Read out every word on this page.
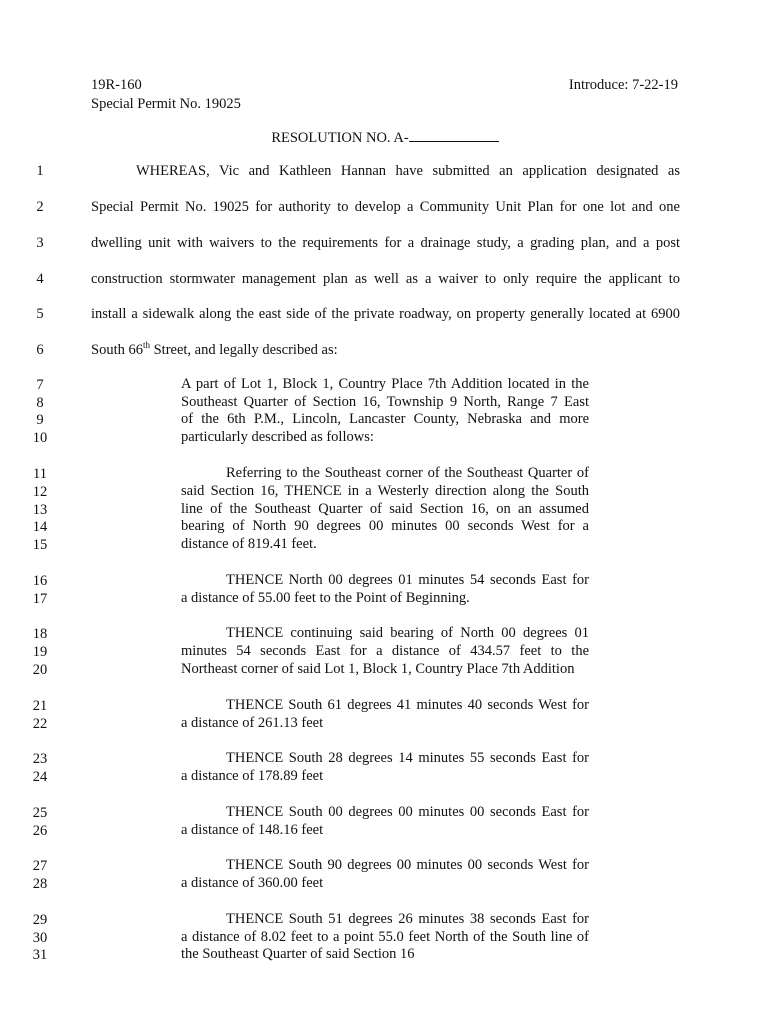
19R-160
Special Permit No. 19025
Introduce: 7-22-19
RESOLUTION NO. A-
1
2
3
4
5
6
7
8
9
10
11
12
13
14
15
16
17
18
19
20
21
22
23
24
25
26
27
28
29
30
31
WHEREAS, Vic and Kathleen Hannan have submitted an application designated as
Special Permit No. 19025 for authority to develop a Community Unit Plan for one lot and one
dwelling unit with waivers to the requirements for a drainage study, a grading plan, and a post
construction stormwater management plan as well as a waiver to only require the applicant to
install a sidewalk along the east side of the private roadway, on property generally located at 6900
South 66th Street, and legally described as:
A part of Lot 1, Block 1, Country Place 7th Addition located in the
Southeast Quarter of Section 16, Township 9 North, Range 7 East
of the 6th P.M., Lincoln, Lancaster County, Nebraska and more
particularly described as follows:
Referring to the Southeast corner of the Southeast Quarter of
said Section 16, THENCE in a Westerly direction along the South
line of the Southeast Quarter of said Section 16, on an assumed
bearing of North 90 degrees 00 minutes 00 seconds West for a
distance of 819.41 feet.
THENCE North 00 degrees 01 minutes 54 seconds East for
a distance of 55.00 feet to the Point of Beginning.
THENCE continuing said bearing of North 00 degrees 01
minutes 54 seconds East for a distance of 434.57 feet to the
Northeast corner of said Lot 1, Block 1, Country Place 7th Addition
THENCE South 61 degrees 41 minutes 40 seconds West for
a distance of 261.13 feet
THENCE South 28 degrees 14 minutes 55 seconds East for
a distance of 178.89 feet
THENCE South 00 degrees 00 minutes 00 seconds East for
a distance of 148.16 feet
THENCE South 90 degrees 00 minutes 00 seconds West for
a distance of 360.00 feet
THENCE South 51 degrees 26 minutes 38 seconds East for
a distance of 8.02 feet to a point 55.0 feet North of the South line of
the Southeast Quarter of said Section 16
